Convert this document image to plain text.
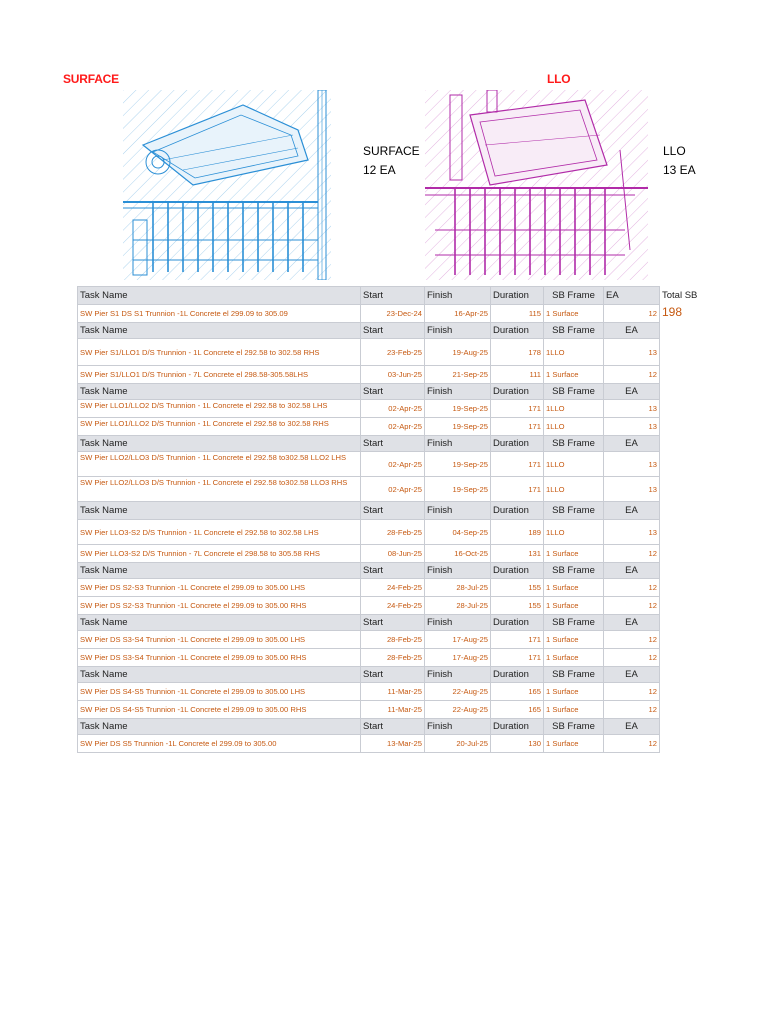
SURFACE	LLO
SURFACE
12 EA
LLO
13 EA
Task Name	Start	Finish	Duration	SB Frame	EA	Total SB
SW Pier S1 DS S1 Trunnion -1L Concrete el 299.09 to 305.09	23-Dec-24	16-Apr-25	115	1 Surface	12	198
Task Name	Start	Finish	Duration	SB Frame	EA	
SW Pier S1/LLO1 D/S Trunnion - 1L Concrete el 292.58 to 302.58 RHS	23-Feb-25	19-Aug-25	178	1LLO	13	
SW Pier S1/LLO1 D/S Trunnion - 7L Concrete el 298.58-305.58LHS	03-Jun-25	21-Sep-25	111	1 Surface	12	
Task Name	Start	Finish	Duration	SB Frame	EA	
SW Pier LLO1/LLO2 D/S Trunnion - 1L Concrete el 292.58 to 302.58 LHS	02-Apr-25	19-Sep-25	171	1LLO	13	
SW Pier LLO1/LLO2 D/S Trunnion - 1L Concrete el 292.58 to 302.58 RHS	02-Apr-25	19-Sep-25	171	1LLO	13	
Task Name	Start	Finish	Duration	SB Frame	EA	
SW Pier LLO2/LLO3 D/S Trunnion - 1L Concrete el 292.58 to302.58 LLO2 LHS	02-Apr-25	19-Sep-25	171	1LLO	13	
SW Pier LLO2/LLO3 D/S Trunnion - 1L Concrete el 292.58 to302.58 LLO3 RHS	02-Apr-25	19-Sep-25	171	1LLO	13	
Task Name	Start	Finish	Duration	SB Frame	EA	
SW Pier LLO3-S2 D/S Trunnion - 1L Concrete el 292.58 to 302.58 LHS	28-Feb-25	04-Sep-25	189	1LLO	13	
SW Pier LLO3-S2 D/S Trunnion - 7L Concrete el 298.58 to 305.58 RHS	08-Jun-25	16-Oct-25	131	1 Surface	12	
Task Name	Start	Finish	Duration	SB Frame	EA	
SW Pier DS S2-S3 Trunnion -1L Concrete el 299.09 to 305.00 LHS	24-Feb-25	28-Jul-25	155	1 Surface	12	
SW Pier DS S2-S3 Trunnion -1L Concrete el 299.09 to 305.00 RHS	24-Feb-25	28-Jul-25	155	1 Surface	12	
Task Name	Start	Finish	Duration	SB Frame	EA	
SW Pier DS S3-S4 Trunnion -1L Concrete el 299.09 to 305.00 LHS	28-Feb-25	17-Aug-25	171	1 Surface	12	
SW Pier DS S3-S4 Trunnion -1L Concrete el 299.09 to 305.00 RHS	28-Feb-25	17-Aug-25	171	1 Surface	12	
Task Name	Start	Finish	Duration	SB Frame	EA	
SW Pier DS S4-S5 Trunnion -1L Concrete el 299.09 to 305.00 LHS	11-Mar-25	22-Aug-25	165	1 Surface	12	
SW Pier DS S4-S5 Trunnion -1L Concrete el 299.09 to 305.00 RHS	11-Mar-25	22-Aug-25	165	1 Surface	12	
Task Name	Start	Finish	Duration	SB Frame	EA	
SW Pier DS S5 Trunnion -1L Concrete el 299.09 to 305.00	13-Mar-25	20-Jul-25	130	1 Surface	12	
